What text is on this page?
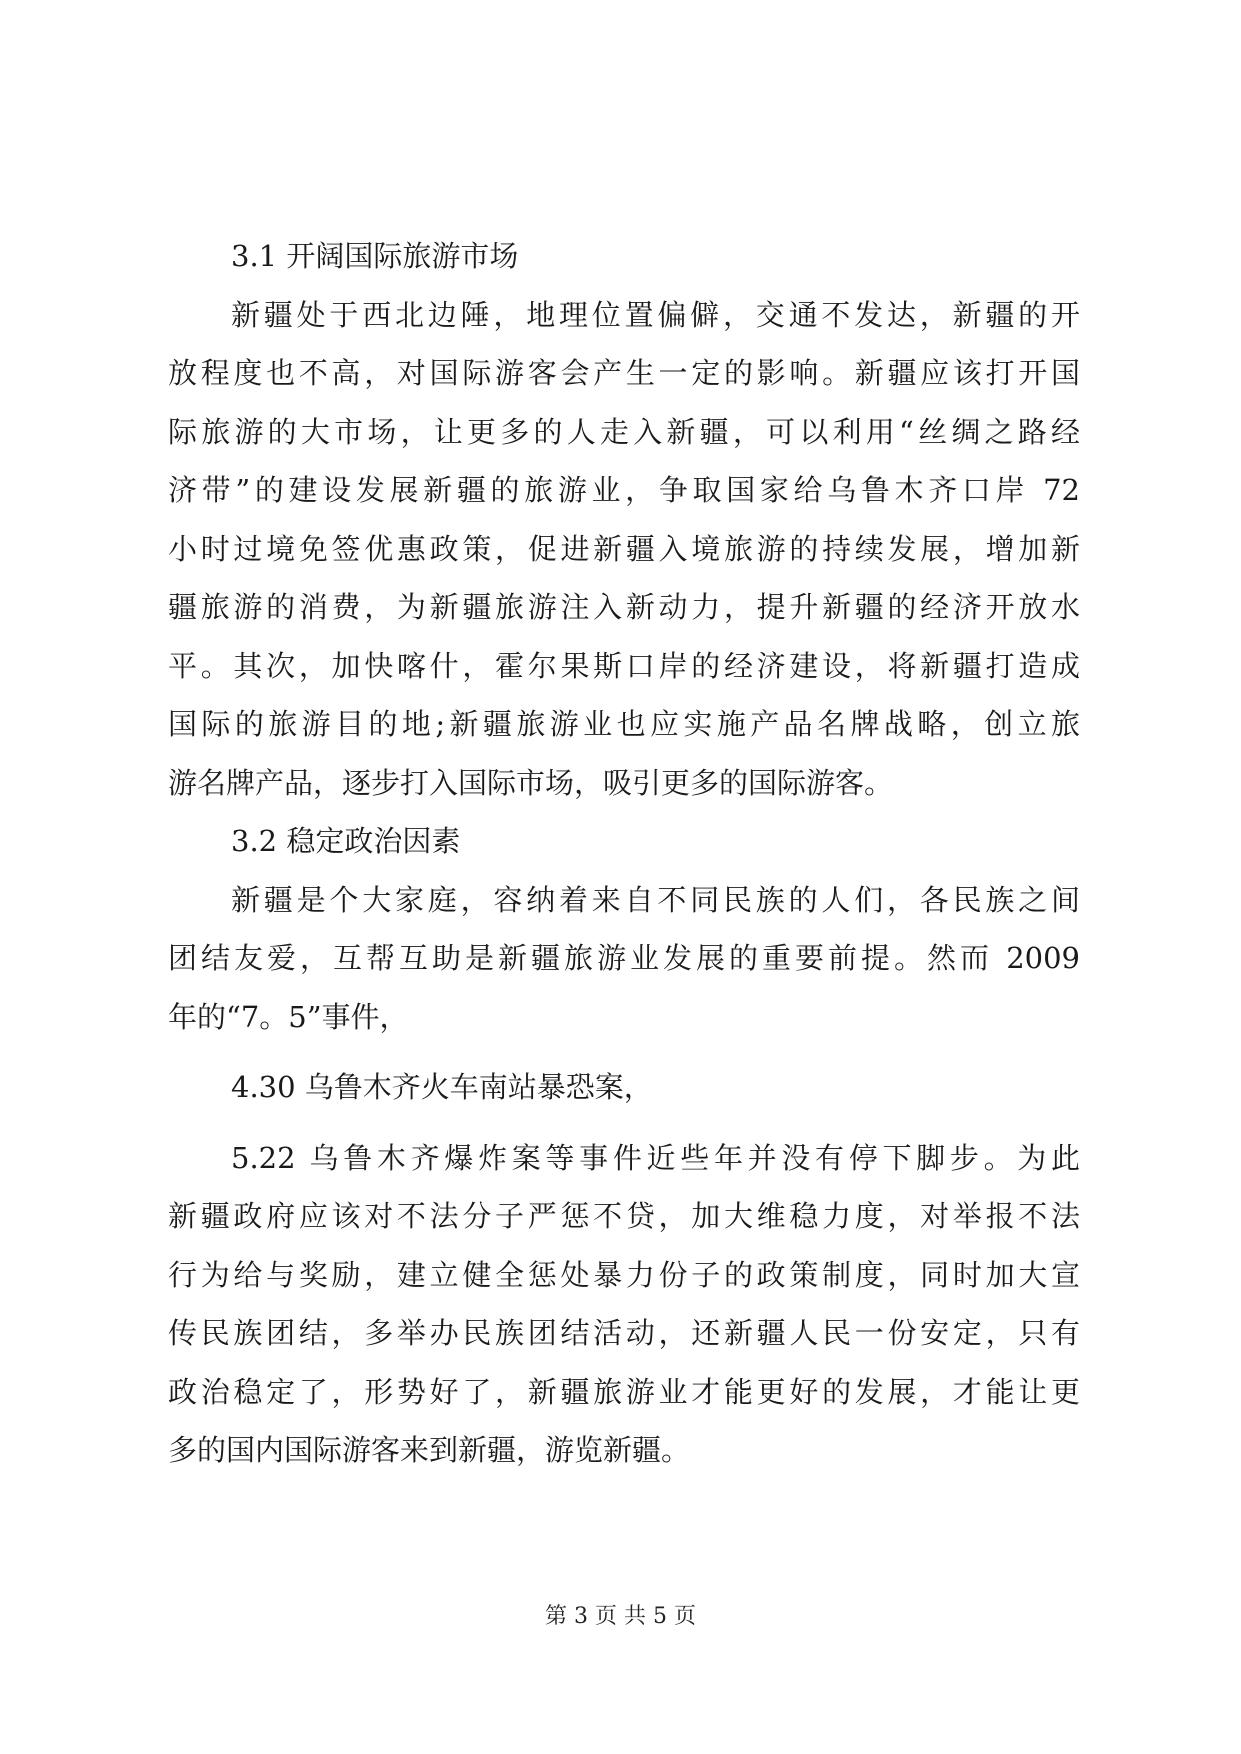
3.1 开阔国际旅游市场
新疆处于西北边陲，地理位置偏僻，交通不发达，新疆的开
放程度也不高，对国际游客会产生一定的影响。新疆应该打开国
际旅游的大市场，让更多的人走入新疆，可以利用“丝绸之路经
济带”的建设发展新疆的旅游业，争取国家给乌鲁木齐口岸 72
小时过境免签优惠政策，促进新疆入境旅游的持续发展，增加新
疆旅游的消费，为新疆旅游注入新动力，提升新疆的经济开放水
平。其次，加快喀什，霍尔果斯口岸的经济建设，将新疆打造成
国际的旅游目的地;新疆旅游业也应实施产品名牌战略，创立旅
游名牌产品，逐步打入国际市场，吸引更多的国际游客。
3.2 稳定政治因素
新疆是个大家庭，容纳着来自不同民族的人们，各民族之间
团结友爱，互帮互助是新疆旅游业发展的重要前提。然而 2009
年的“7。5”事件，
4.30 乌鲁木齐火车南站暴恐案，
5.22 乌鲁木齐爆炸案等事件近些年并没有停下脚步。为此
新疆政府应该对不法分子严惩不贷，加大维稳力度，对举报不法
行为给与奖励，建立健全惩处暴力份子的政策制度，同时加大宣
传民族团结，多举办民族团结活动，还新疆人民一份安定，只有
政治稳定了，形势好了，新疆旅游业才能更好的发展，才能让更
多的国内国际游客来到新疆，游览新疆。
第 3 页 共 5 页
